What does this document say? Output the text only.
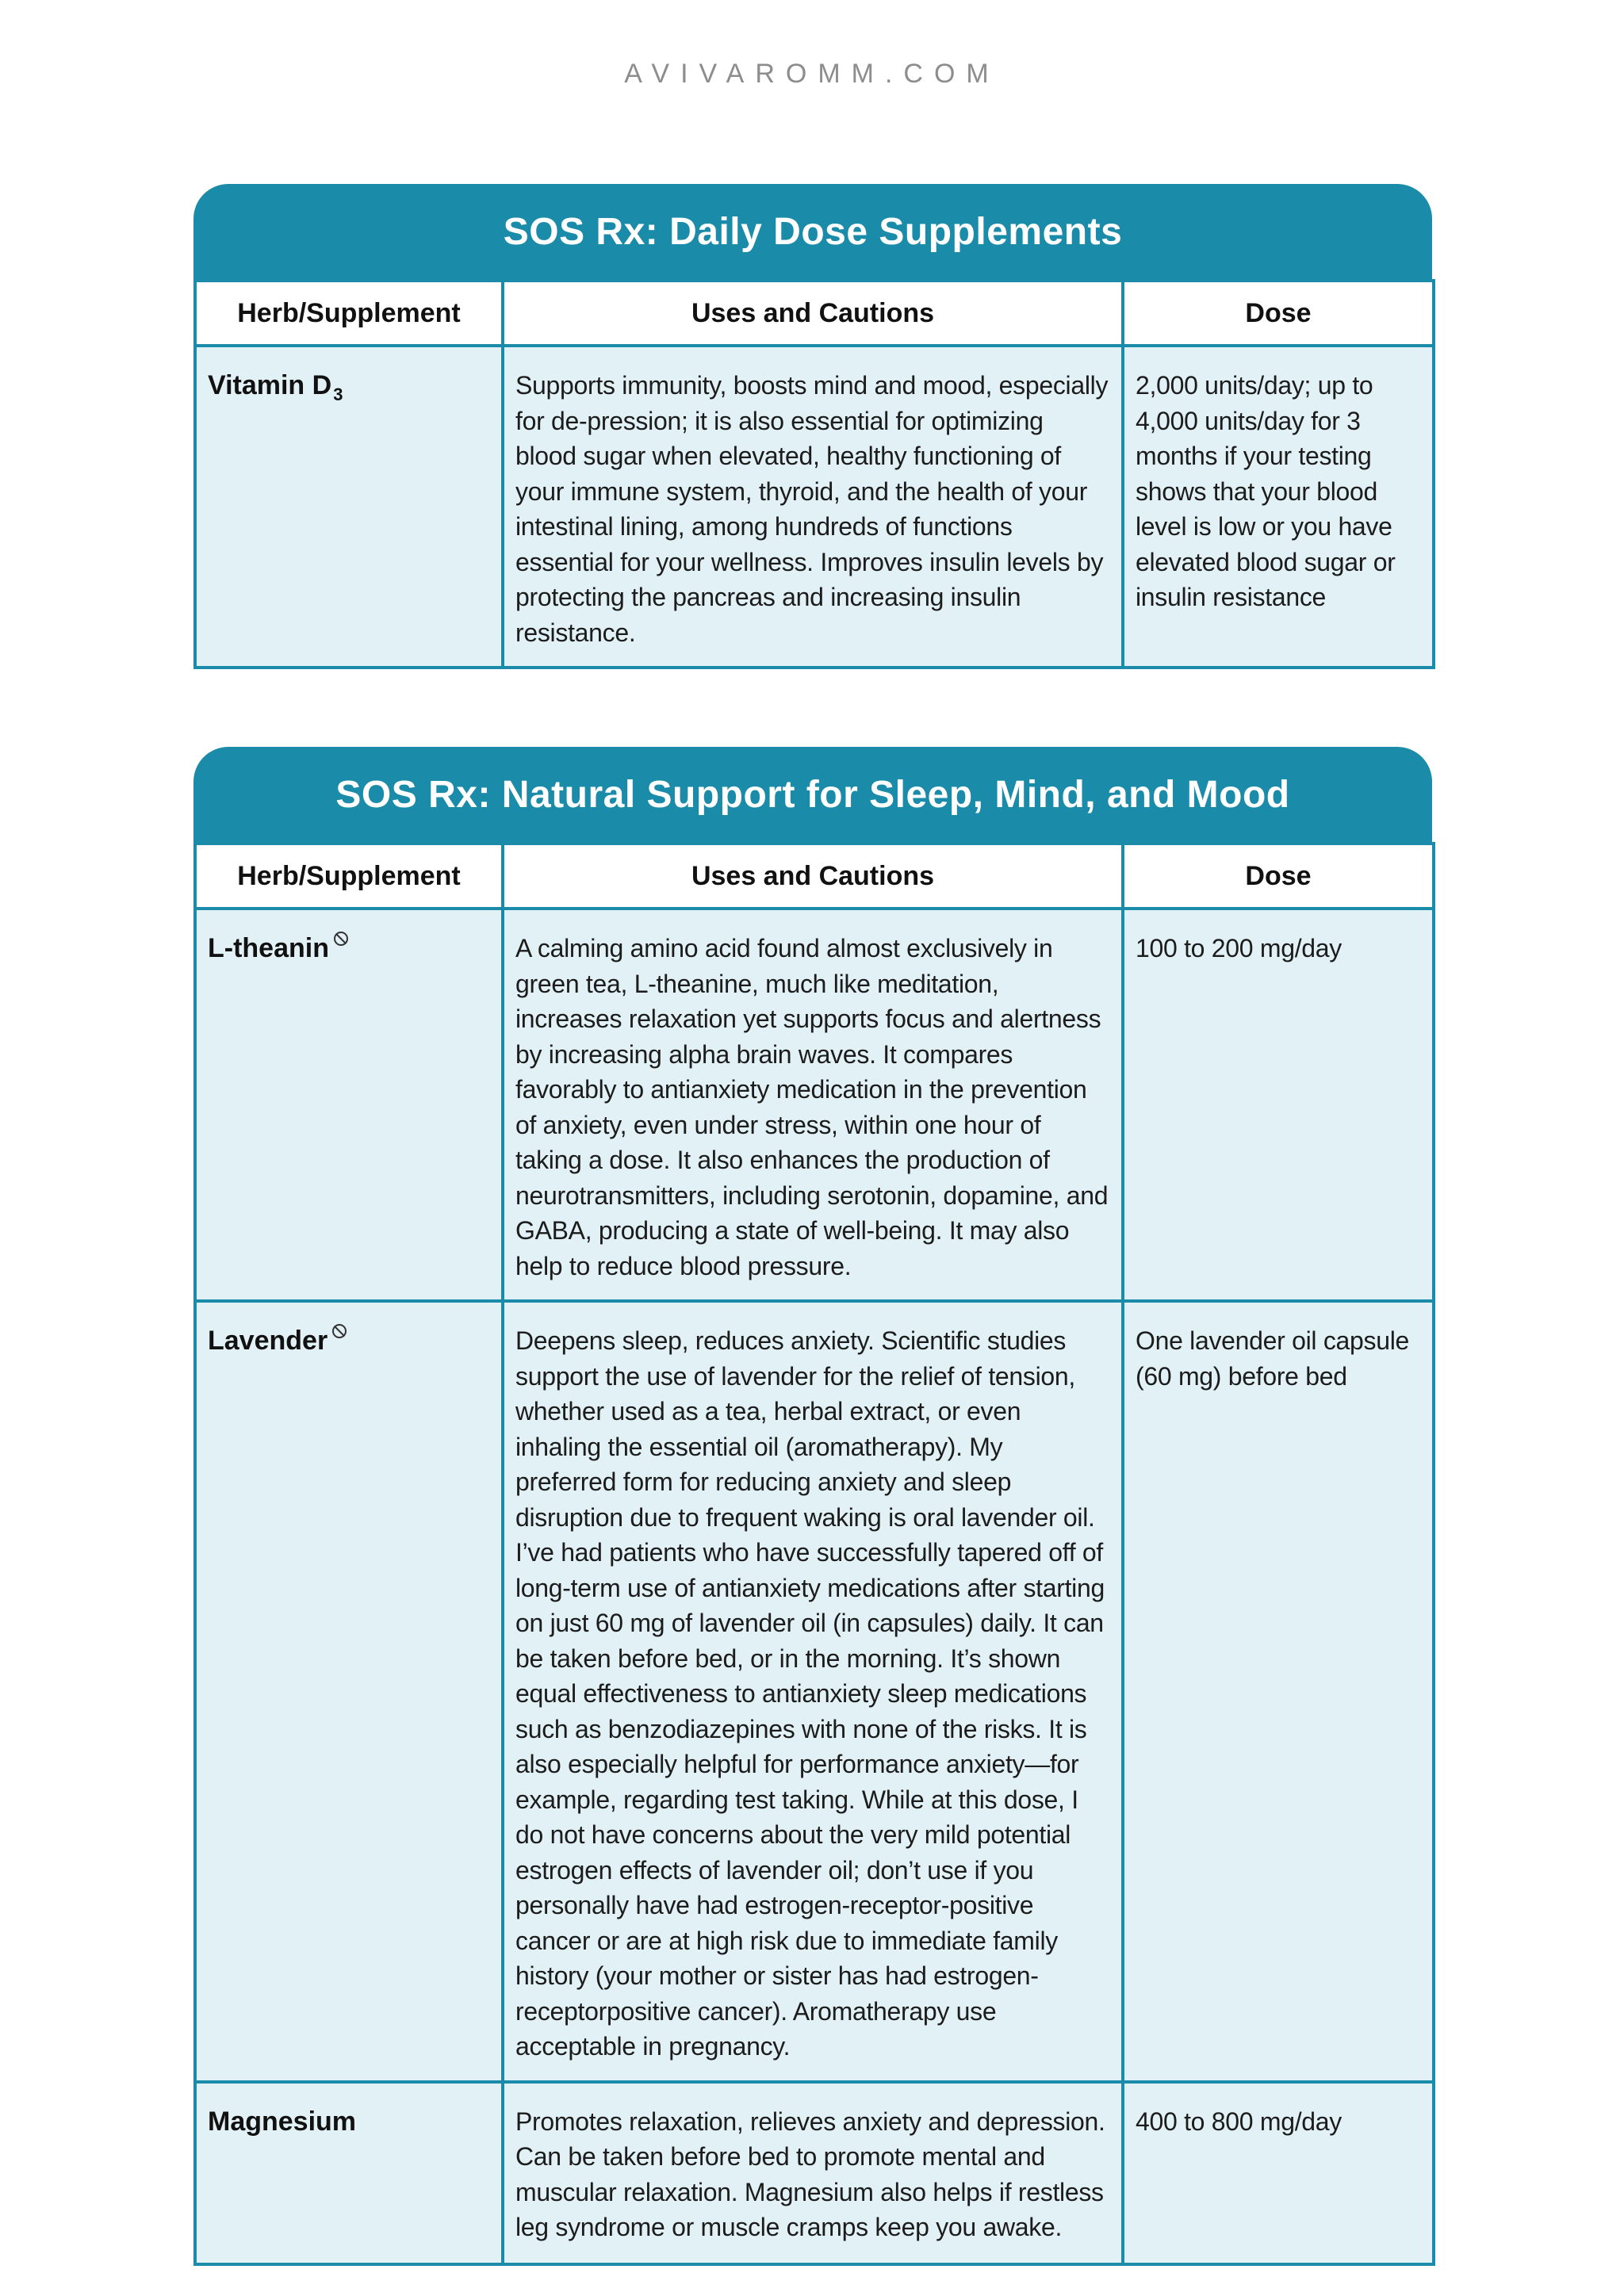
AVIVAROMM.COM
SOS Rx: Daily Dose Supplements
Herb/Supplement	Uses and Cautions	Dose
Vitamin $D_3$	Supports immunity, boosts mind and mood, especially for de-pression; it is also essential for optimizing blood sugar when elevated, healthy functioning of your immune system, thyroid, and the health of your intestinal lining, among hundreds of functions essential for your wellness. Improves insulin levels by protecting the pancreas and increasing insulin resistance.	2,000 units/day; up to 4,000 units/day for 3 months if your testing shows that your blood level is low or you have elevated blood sugar or insulin resistance
SOS Rx: Natural Support for Sleep, Mind, and Mood
Herb/Supplement	Uses and Cautions	Dose
L-theanin	A calming amino acid found almost exclusively in green tea, L-theanine, much like meditation, increases relaxation yet supports focus and alertness by increasing alpha brain waves. It compares favorably to antianxiety medication in the prevention of anxiety, even under stress, within one hour of taking a dose. It also enhances the production of neurotransmitters, including serotonin, dopamine, and GABA, producing a state of well-being. It may also help to reduce blood pressure.	100 to 200 mg/day
Lavender	Deepens sleep, reduces anxiety. Scientific studies support the use of lavender for the relief of tension, whether used as a tea, herbal extract, or even inhaling the essential oil (aromatherapy). My preferred form for reducing anxiety and sleep disruption due to frequent waking is oral lavender oil. I’ve had patients who have successfully tapered off of long-term use of antianxiety medications after starting on just 60 mg of lavender oil (in capsules) daily. It can be taken before bed, or in the morning. It’s shown equal effectiveness to antianxiety sleep medications such as benzodiazepines with none of the risks. It is also especially helpful for performance anxiety—for example, regarding test taking. While at this dose, I do not have concerns about the very mild potential estrogen effects of lavender oil; don’t use if you personally have had estrogen-receptor-positive cancer or are at high risk due to immediate family history (your mother or sister has had estrogen-receptorpositive cancer). Aromatherapy use acceptable in pregnancy.	One lavender oil capsule (60 mg) before bed
Magnesium	Promotes relaxation, relieves anxiety and depression. Can be taken before bed to promote mental and muscular relaxation. Magnesium also helps if restless leg syndrome or muscle cramps keep you awake.	400 to 800 mg/day
